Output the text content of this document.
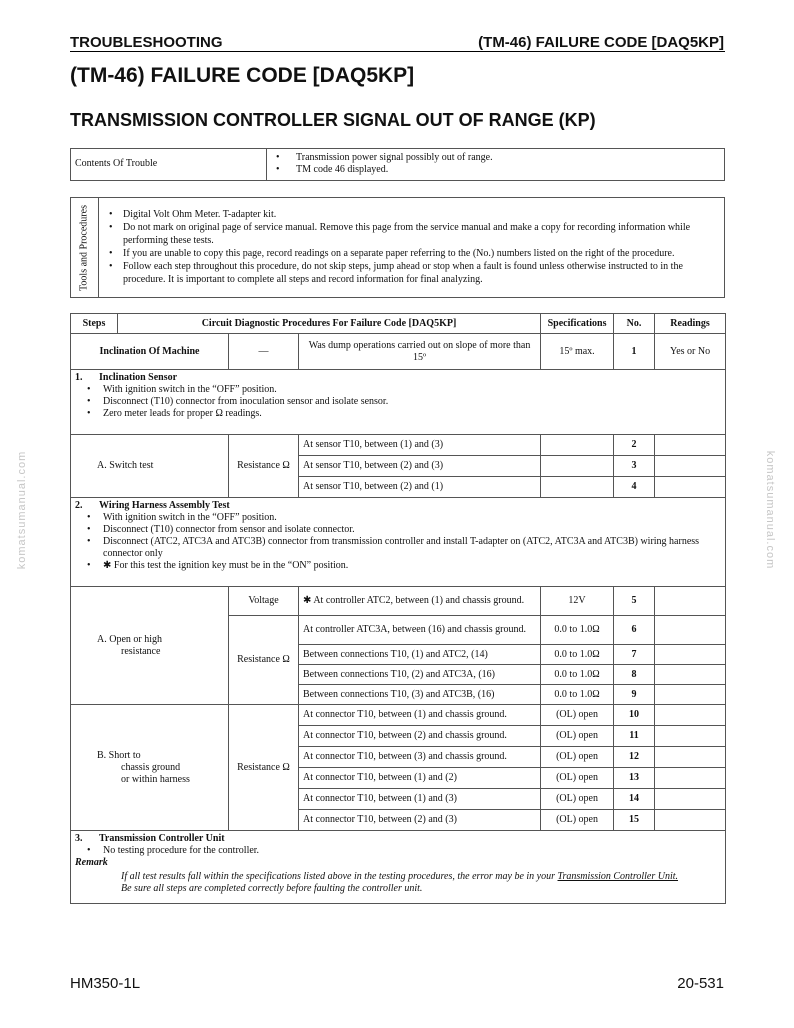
TROUBLESHOOTING	(TM-46) FAILURE CODE [DAQ5KP]
(TM-46) FAILURE CODE [DAQ5KP]
TRANSMISSION CONTROLLER SIGNAL OUT OF RANGE (KP)
Contents Of Trouble
• Transmission power signal possibly out of range.
• TM code 46 displayed.
Tools and Procedures	• Digital Volt Ohm Meter. T-adapter kit.
• Do not mark on original page of service manual. Remove this page from the service manual and make a copy for recording information while performing these tests.
• If you are unable to copy this page, record readings on a separate paper referring to the (No.) numbers listed on the right of the procedure.
• Follow each step throughout this procedure, do not skip steps, jump ahead or stop when a fault is found unless otherwise instructed to in the procedure. It is important to complete all steps and record information for final analyzing.
Steps	Circuit Diagnostic Procedures For Failure Code [DAQ5KP]			Specifications	No.	Readings
Inclination Of Machine		—	Was dump operations carried out on slope of more than 15º	15º max.	1	Yes or No

1. Inclination Sensor
• With ignition switch in the “OFF” position.
• Disconnect (T10) connector from inoculation sensor and isolate sensor.
• Zero meter leads for proper Ω readings.

A. Switch test		Resistance Ω	At sensor T10, between (1) and (3)		2	
			At sensor T10, between (2) and (3)		3	
			At sensor T10, between (2) and (1)		4	

2. Wiring Harness Assembly Test
• With ignition switch in the “OFF” position.
• Disconnect (T10) connector from sensor and isolate connector.
• Disconnect (ATC2, ATC3A and ATC3B) connector from transmission controller and install T-adapter on (ATC2, ATC3A and ATC3B) wiring harness connector only
• ✱ For this test the ignition key must be in the “ON” position.

A. Open or high
resistance		Voltage	✱ At controller ATC2, between (1) and chassis ground.	12V	5	
		Resistance Ω	At controller ATC3A, between (16) and chassis ground.	0.0 to 1.0Ω	6	
			Between connections T10, (1) and ATC2, (14)	0.0 to 1.0Ω	7	
			Between connections T10, (2) and ATC3A, (16)	0.0 to 1.0Ω	8	
			Between connections T10, (3) and ATC3B, (16)	0.0 to 1.0Ω	9	

B. Short to
chassis ground
or within harness		Resistance Ω	At connector T10, between (1) and chassis ground.	(OL) open	10	
			At connector T10, between (2) and chassis ground.	(OL) open	11	
			At connector T10, between (3) and chassis ground.	(OL) open	12	
			At connector T10, between (1) and (2)	(OL) open	13	
			At connector T10, between (1) and (3)	(OL) open	14	
			At connector T10, between (2) and (3)	(OL) open	15	

3. Transmission Controller Unit
• No testing procedure for the controller.
Remark
If all test results fall within the specifications listed above in the testing procedures, the error may be in your Transmission Controller Unit.
Be sure all steps are completed correctly before faulting the controller unit.
komatsumanual.com	komatsumanual.com
HM350-1L	20-531
